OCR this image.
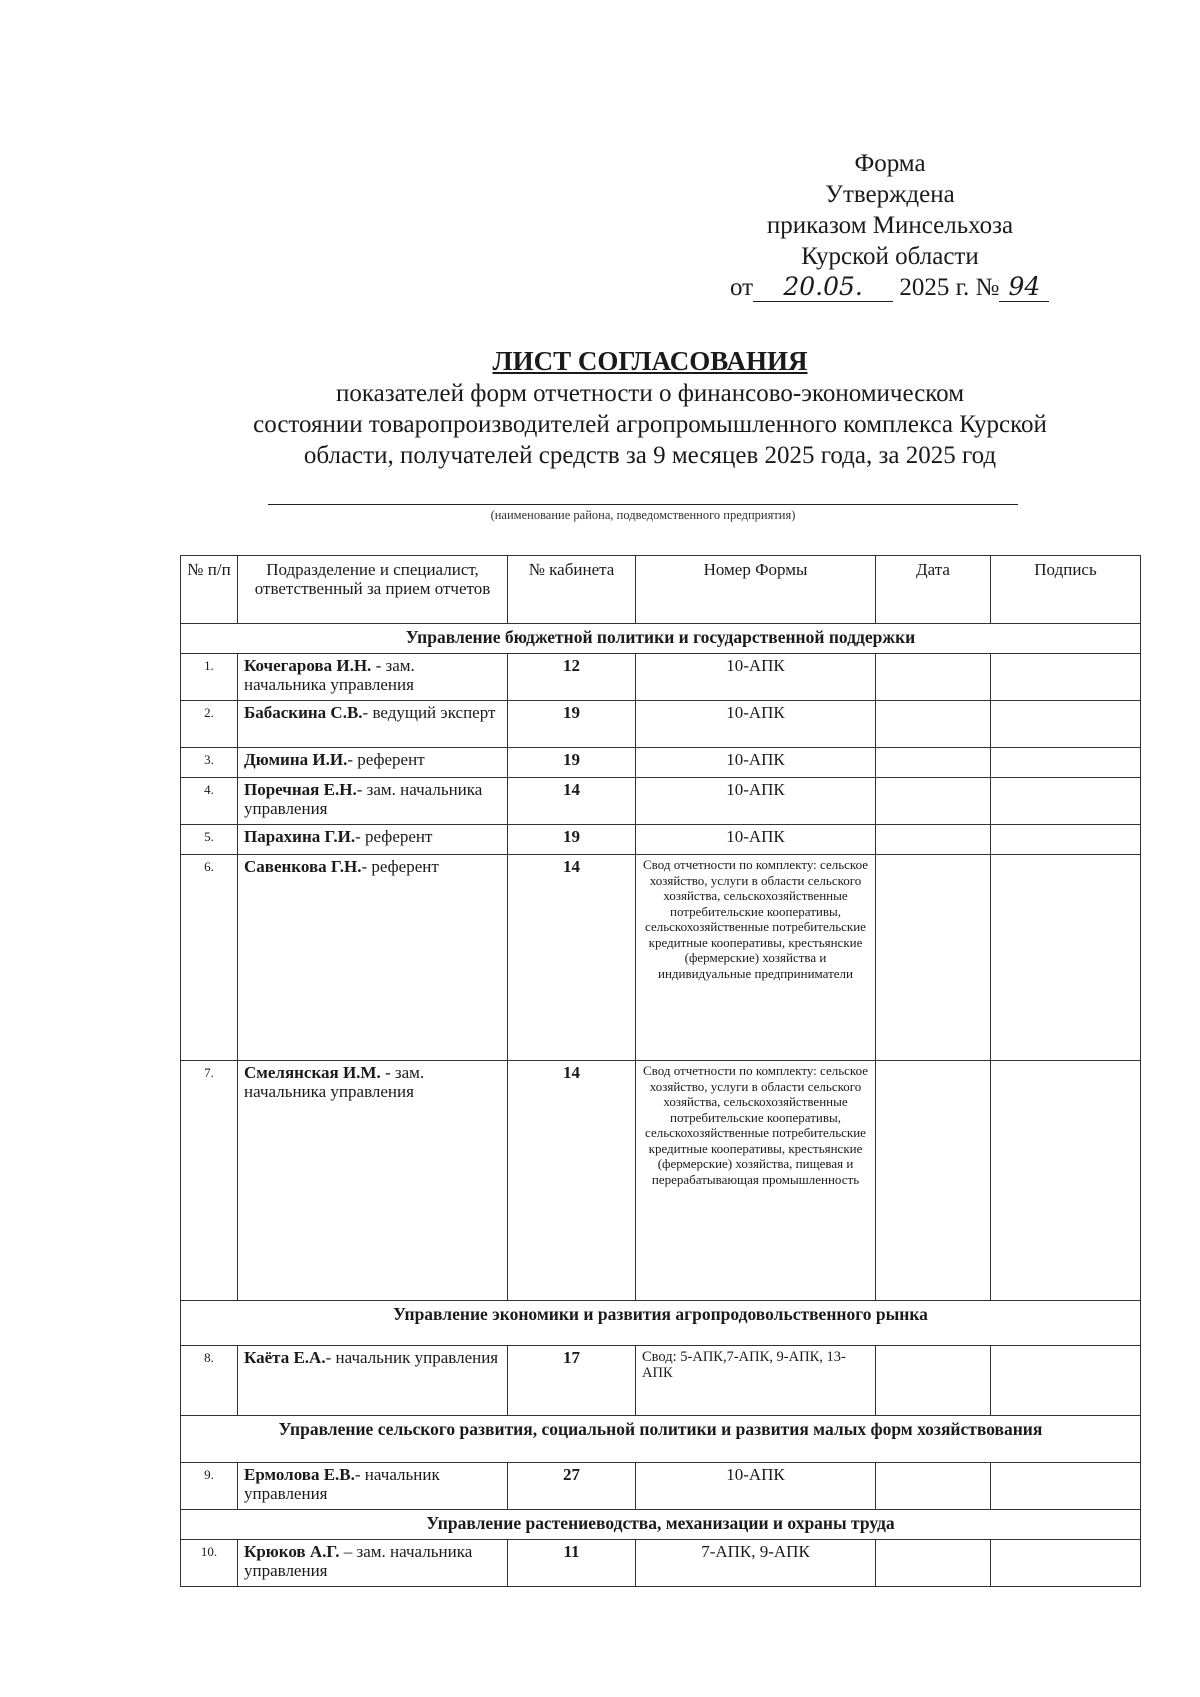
Форма
Утверждена
приказом Минсельхоза
Курской области
от 20.05. 2025 г. № 94
ЛИСТ СОГЛАСОВАНИЯ
показателей форм отчетности о финансово-экономическом
состоянии товаропроизводителей агропромышленного комплекса Курской
области, получателей средств за 9 месяцев 2025 года, за 2025 год
(наименование района, подведомственного предприятия)
№ п/п	Подразделение и специалист, ответственный за прием отчетов	№ кабинета	Номер Формы	Дата	Подпись
Управление бюджетной политики и государственной поддержки					
1.	Кочегарова И.Н. - зам. начальника управления	12	10-АПК		
2.	Бабаскина С.В.- ведущий эксперт	19	10-АПК		
3.	Дюмина И.И.- референт	19	10-АПК		
4.	Поречная Е.Н.- зам. начальника управления	14	10-АПК		
5.	Парахина Г.И.- референт	19	10-АПК		
6.	Савенкова Г.Н.- референт	14	Свод отчетности по комплекту: сельское хозяйство, услуги в области сельского хозяйства, сельскохозяйственные потребительские кооперативы, сельскохозяйственные потребительские кредитные кооперативы, крестьянские (фермерские) хозяйства и индивидуальные предприниматели		
7.	Смелянская И.М. - зам. начальника управления	14	Свод отчетности по комплекту: сельское хозяйство, услуги в области сельского хозяйства, сельскохозяйственные потребительские кооперативы, сельскохозяйственные потребительские кредитные кооперативы, крестьянские (фермерские) хозяйства, пищевая и перерабатывающая промышленность		
Управление экономики и развития агропродовольственного рынка					
8.	Каёта Е.А.- начальник управления	17	Свод: 5-АПК,7-АПК, 9-АПК, 13-АПК		
Управление сельского развития, социальной политики и развития малых форм хозяйствования					
9.	Ермолова Е.В.- начальник управления	27	10-АПК		
Управление растениеводства, механизации и охраны труда					
10.	Крюков А.Г. – зам. начальника управления	11	7-АПК, 9-АПК		
